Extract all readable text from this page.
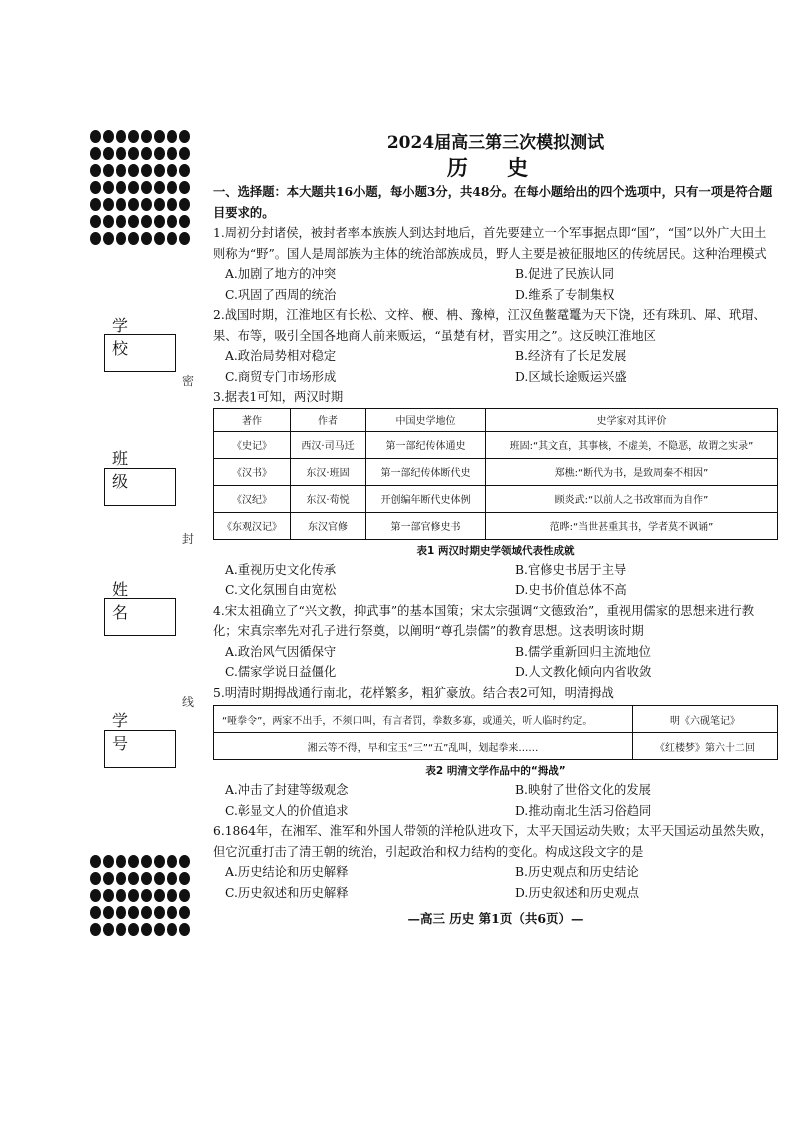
学 校
密
班 级
封
姓 名
线
学 号

2024届高三第三次模拟测试

历 史

一、选择题：本大题共16小题，每小题3分，共48分。在每小题给出的四个选项中，只有一项是符合题目要求的。

1.周初分封诸侯，被封者率本族族人到达封地后，首先要建立一个军事据点即“国”，“国”以外广大田土则称为“野”。国人是周部族为主体的统治部族成员，野人主要是被征服地区的传统居民。这种治理模式

A.加剧了地方的冲突	B.促进了民族认同
C.巩固了西周的统治	D.维系了专制集权

2.战国时期，江淮地区有长松、文梓、楩、柟、豫樟，江汉鱼鳖鼋鼍为天下饶，还有珠玑、犀、玳瑁、果、布等，吸引全国各地商人前来贩运，“虽楚有材，晋实用之”。这反映江淮地区

A.政治局势相对稳定	B.经济有了长足发展
C.商贸专门市场形成	D.区域长途贩运兴盛

3.据表1可知，两汉时期

著作	作者	中国史学地位	史学家对其评价
《史记》	西汉·司马迁	第一部纪传体通史	班固:“其文直，其事核，不虚美，不隐恶，故谓之实录”
《汉书》	东汉·班固	第一部纪传体断代史	郑樵:“断代为书，是致周秦不相因”
《汉纪》	东汉·荀悦	开创编年断代史体例	顾炎武:“以前人之书改窜而为自作”
《东观汉记》	东汉官修	第一部官修史书	范晔:“当世甚重其书，学者莫不讽诵”

表1 两汉时期史学领域代表性成就

A.重视历史文化传承	B.官修史书居于主导
C.文化氛围自由宽松	D.史书价值总体不高

4.宋太祖确立了“兴文教，抑武事”的基本国策；宋太宗强调“文德致治”，重视用儒家的思想来进行教化；宋真宗率先对孔子进行祭奠，以阐明“尊孔崇儒”的教育思想。这表明该时期

A.政治风气因循保守	B.儒学重新回归主流地位
C.儒家学说日益僵化	D.人文教化倾向内省收敛

5.明清时期拇战通行南北，花样繁多，粗犷豪放。结合表2可知，明清拇战

“哑拳令”，两家不出手，不须口叫，有言者罚，拳数多寡，或通关，听人临时约定。	明《六砚笔记》
湘云等不得，早和宝玉“三”“五”乱叫，划起拳来……	《红楼梦》第六十二回

表2 明清文学作品中的“拇战”

A.冲击了封建等级观念	B.映射了世俗文化的发展
C.彰显文人的价值追求	D.推动南北生活习俗趋同

6.1864年，在湘军、淮军和外国人带领的洋枪队进攻下，太平天国运动失败；太平天国运动虽然失败，但它沉重打击了清王朝的统治，引起政治和权力结构的变化。构成这段文字的是

A.历史结论和历史解释	B.历史观点和历史结论
C.历史叙述和历史解释	D.历史叙述和历史观点
—高三 历史 第1页（共6页）—
